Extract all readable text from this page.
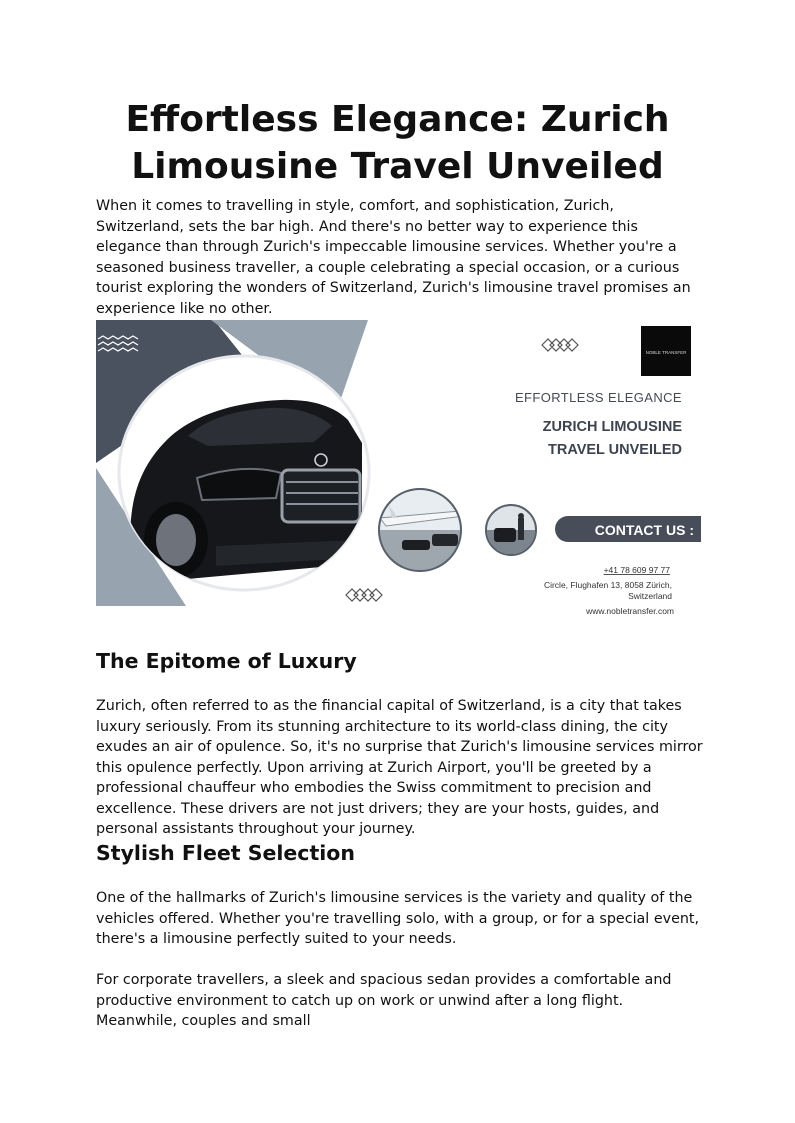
Effortless Elegance: Zurich Limousine Travel Unveiled

When it comes to travelling in style, comfort, and sophistication, Zurich, Switzerland, sets the bar high. And there's no better way to experience this elegance than through Zurich's impeccable limousine services. Whether you're a seasoned business traveller, a couple celebrating a special occasion, or a curious tourist exploring the wonders of Switzerland, Zurich's limousine travel promises an experience like no other.

NOBLE TRANSFER
EFFORTLESS ELEGANCE
ZURICH LIMOUSINE
TRAVEL UNVEILED
CONTACT US :
+41 78 609 97 77
Circle, Flughafen 13, 8058 Zürich,
Switzerland
www.nobletransfer.com
The Epitome of Luxury

Zurich, often referred to as the financial capital of Switzerland, is a city that takes luxury seriously. From its stunning architecture to its world-class dining, the city exudes an air of opulence. So, it's no surprise that Zurich's limousine services mirror this opulence perfectly. Upon arriving at Zurich Airport, you'll be greeted by a professional chauffeur who embodies the Swiss commitment to precision and excellence. These drivers are not just drivers; they are your hosts, guides, and personal assistants throughout your journey.

Stylish Fleet Selection

One of the hallmarks of Zurich's limousine services is the variety and quality of the vehicles offered. Whether you're travelling solo, with a group, or for a special event, there's a limousine perfectly suited to your needs.

For corporate travellers, a sleek and spacious sedan provides a comfortable and productive environment to catch up on work or unwind after a long flight. Meanwhile, couples and small
